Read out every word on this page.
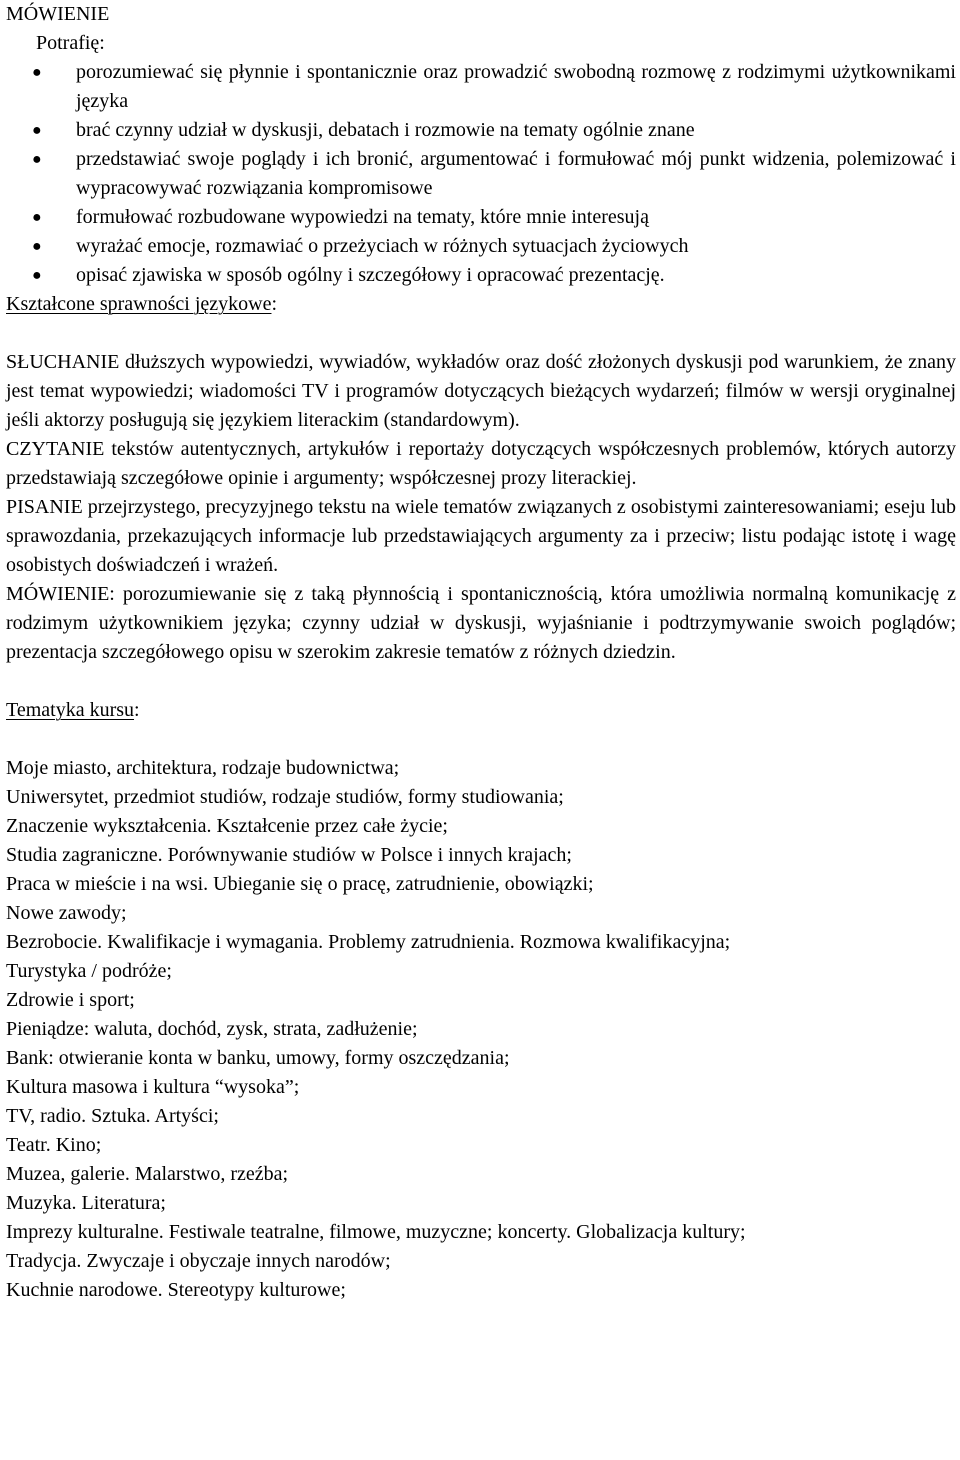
MÓWIENIE

Potrafię:

● porozumiewać się płynnie i spontanicznie oraz prowadzić swobodną rozmowę z rodzimymi użytkownikami języka
● brać czynny udział w dyskusji, debatach i rozmowie na tematy ogólnie znane
● przedstawiać swoje poglądy i ich bronić, argumentować i formułować mój punkt widzenia, polemizować i wypracowywać rozwiązania kompromisowe
● formułować rozbudowane wypowiedzi na tematy, które mnie interesują
● wyrażać emocje, rozmawiać o przeżyciach w różnych sytuacjach życiowych
● opisać zjawiska w sposób ogólny i szczegółowy i opracować prezentację.

Kształcone sprawności językowe:

SŁUCHANIE dłuższych wypowiedzi, wywiadów, wykładów oraz dość złożonych dyskusji pod warunkiem, że znany jest temat wypowiedzi; wiadomości TV i programów dotyczących bieżących wydarzeń; filmów w wersji oryginalnej jeśli aktorzy posługują się językiem literackim (standardowym).

CZYTANIE tekstów autentycznych, artykułów i reportaży dotyczących współczesnych problemów, których autorzy przedstawiają szczegółowe opinie i argumenty; współczesnej prozy literackiej.

PISANIE przejrzystego, precyzyjnego tekstu na wiele tematów związanych z osobistymi zainteresowaniami; eseju lub sprawozdania, przekazujących informacje lub przedstawiających argumenty za i przeciw; listu podając istotę i wagę osobistych doświadczeń i wrażeń.

MÓWIENIE: porozumiewanie się z taką płynnością i spontanicznością, która umożliwia normalną komunikację z rodzimym użytkownikiem języka; czynny udział w dyskusji, wyjaśnianie i podtrzymywanie swoich poglądów; prezentacja szczegółowego opisu w szerokim zakresie tematów z różnych dziedzin.

Tematyka kursu:

Moje miasto, architektura, rodzaje budownictwa;

Uniwersytet, przedmiot studiów, rodzaje studiów, formy studiowania;

Znaczenie wykształcenia. Kształcenie przez całe życie;

Studia zagraniczne. Porównywanie studiów w Polsce i innych krajach;

Praca w mieście i na wsi. Ubieganie się o pracę, zatrudnienie, obowiązki;

Nowe zawody;

Bezrobocie. Kwalifikacje i wymagania. Problemy zatrudnienia. Rozmowa kwalifikacyjna;

Turystyka / podróże;

Zdrowie i sport;

Pieniądze: waluta, dochód, zysk, strata, zadłużenie;

Bank: otwieranie konta w banku, umowy, formy oszczędzania;

Kultura masowa i kultura “wysoka”;

TV, radio. Sztuka. Artyści;

Teatr. Kino;

Muzea, galerie. Malarstwo, rzeźba;

Muzyka. Literatura;

Imprezy kulturalne. Festiwale teatralne, filmowe, muzyczne; koncerty. Globalizacja kultury;

Tradycja. Zwyczaje i obyczaje innych narodów;

Kuchnie narodowe. Stereotypy kulturowe;
